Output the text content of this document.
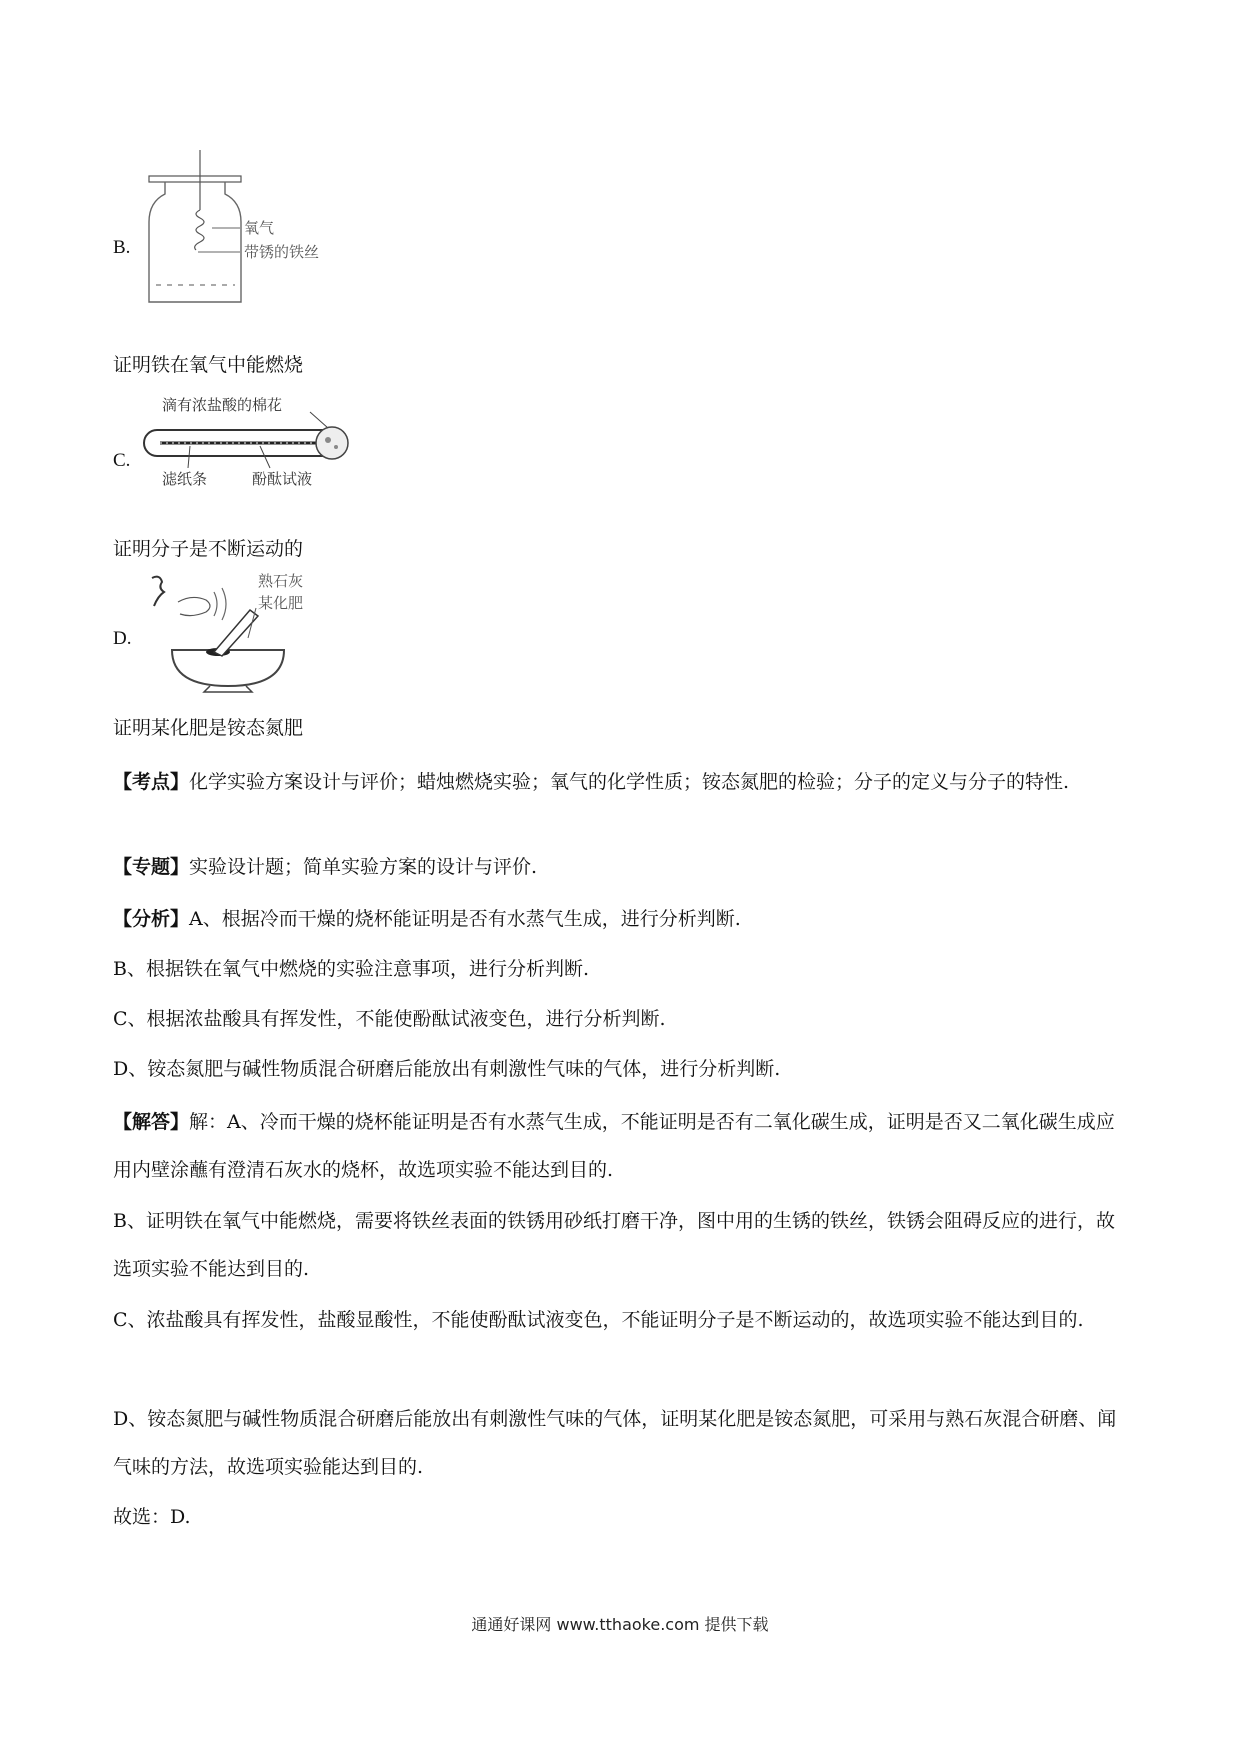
B.
氧气
带锈的铁丝
证明铁在氧气中能燃烧
C.
滴有浓盐酸的棉花
滤纸条	酚酞试液
证明分子是不断运动的
D.
熟石灰
某化肥
证明某化肥是铵态氮肥
【考点】化学实验方案设计与评价；蜡烛燃烧实验；氧气的化学性质；铵态氮肥的检验；分子的定义与分子的特性.
【专题】实验设计题；简单实验方案的设计与评价.
【分析】A、根据冷而干燥的烧杯能证明是否有水蒸气生成，进行分析判断.
B、根据铁在氧气中燃烧的实验注意事项，进行分析判断.
C、根据浓盐酸具有挥发性，不能使酚酞试液变色，进行分析判断.
D、铵态氮肥与碱性物质混合研磨后能放出有刺激性气味的气体，进行分析判断.
【解答】解：A、冷而干燥的烧杯能证明是否有水蒸气生成，不能证明是否有二氧化碳生成，证明是否又二氧化碳生成应用内壁涂蘸有澄清石灰水的烧杯，故选项实验不能达到目的.
B、证明铁在氧气中能燃烧，需要将铁丝表面的铁锈用砂纸打磨干净，图中用的生锈的铁丝，铁锈会阻碍反应的进行，故选项实验不能达到目的.
C、浓盐酸具有挥发性，盐酸显酸性，不能使酚酞试液变色，不能证明分子是不断运动的，故选项实验不能达到目的.
D、铵态氮肥与碱性物质混合研磨后能放出有刺激性气味的气体，证明某化肥是铵态氮肥，可采用与熟石灰混合研磨、闻气味的方法，故选项实验能达到目的.
故选：D.
通通好课网 www.tthaoke.com 提供下载
